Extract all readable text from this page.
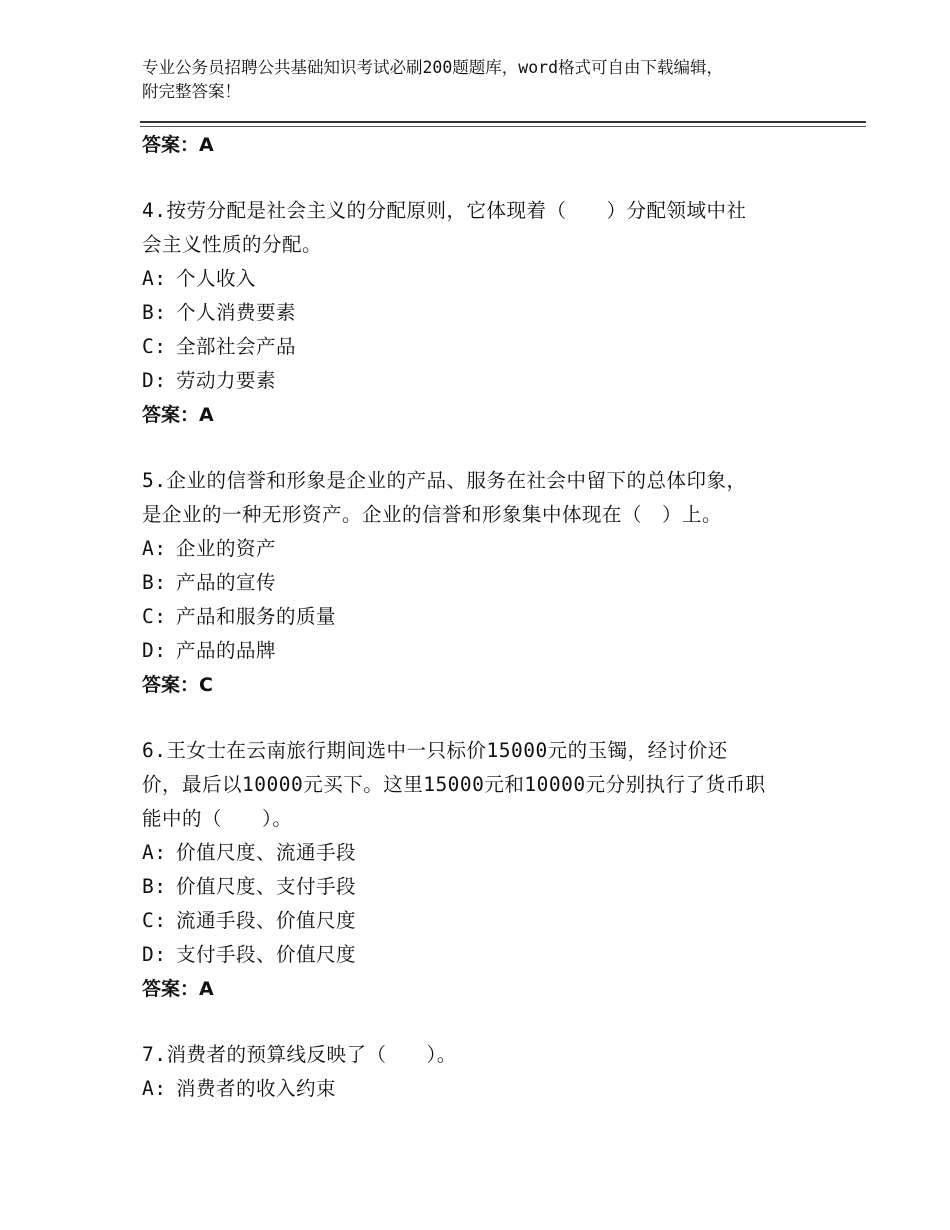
专业公务员招聘公共基础知识考试必刷200题题库，word格式可自由下载编辑，
附完整答案！

答案：A

4.按劳分配是社会主义的分配原则，它体现着（　　）分配领域中社

会主义性质的分配。

A: 个人收入

B: 个人消费要素

C: 全部社会产品

D: 劳动力要素

答案：A

5.企业的信誉和形象是企业的产品、服务在社会中留下的总体印象，

是企业的一种无形资产。企业的信誉和形象集中体现在（　）上。

A: 企业的资产

B: 产品的宣传

C: 产品和服务的质量

D: 产品的品牌

答案：C

6.王女士在云南旅行期间选中一只标价15000元的玉镯，经讨价还

价，最后以10000元买下。这里15000元和10000元分别执行了货币职

能中的（　　）。

A: 价值尺度、流通手段

B: 价值尺度、支付手段

C: 流通手段、价值尺度

D: 支付手段、价值尺度

答案：A

7.消费者的预算线反映了（　　）。

A: 消费者的收入约束
